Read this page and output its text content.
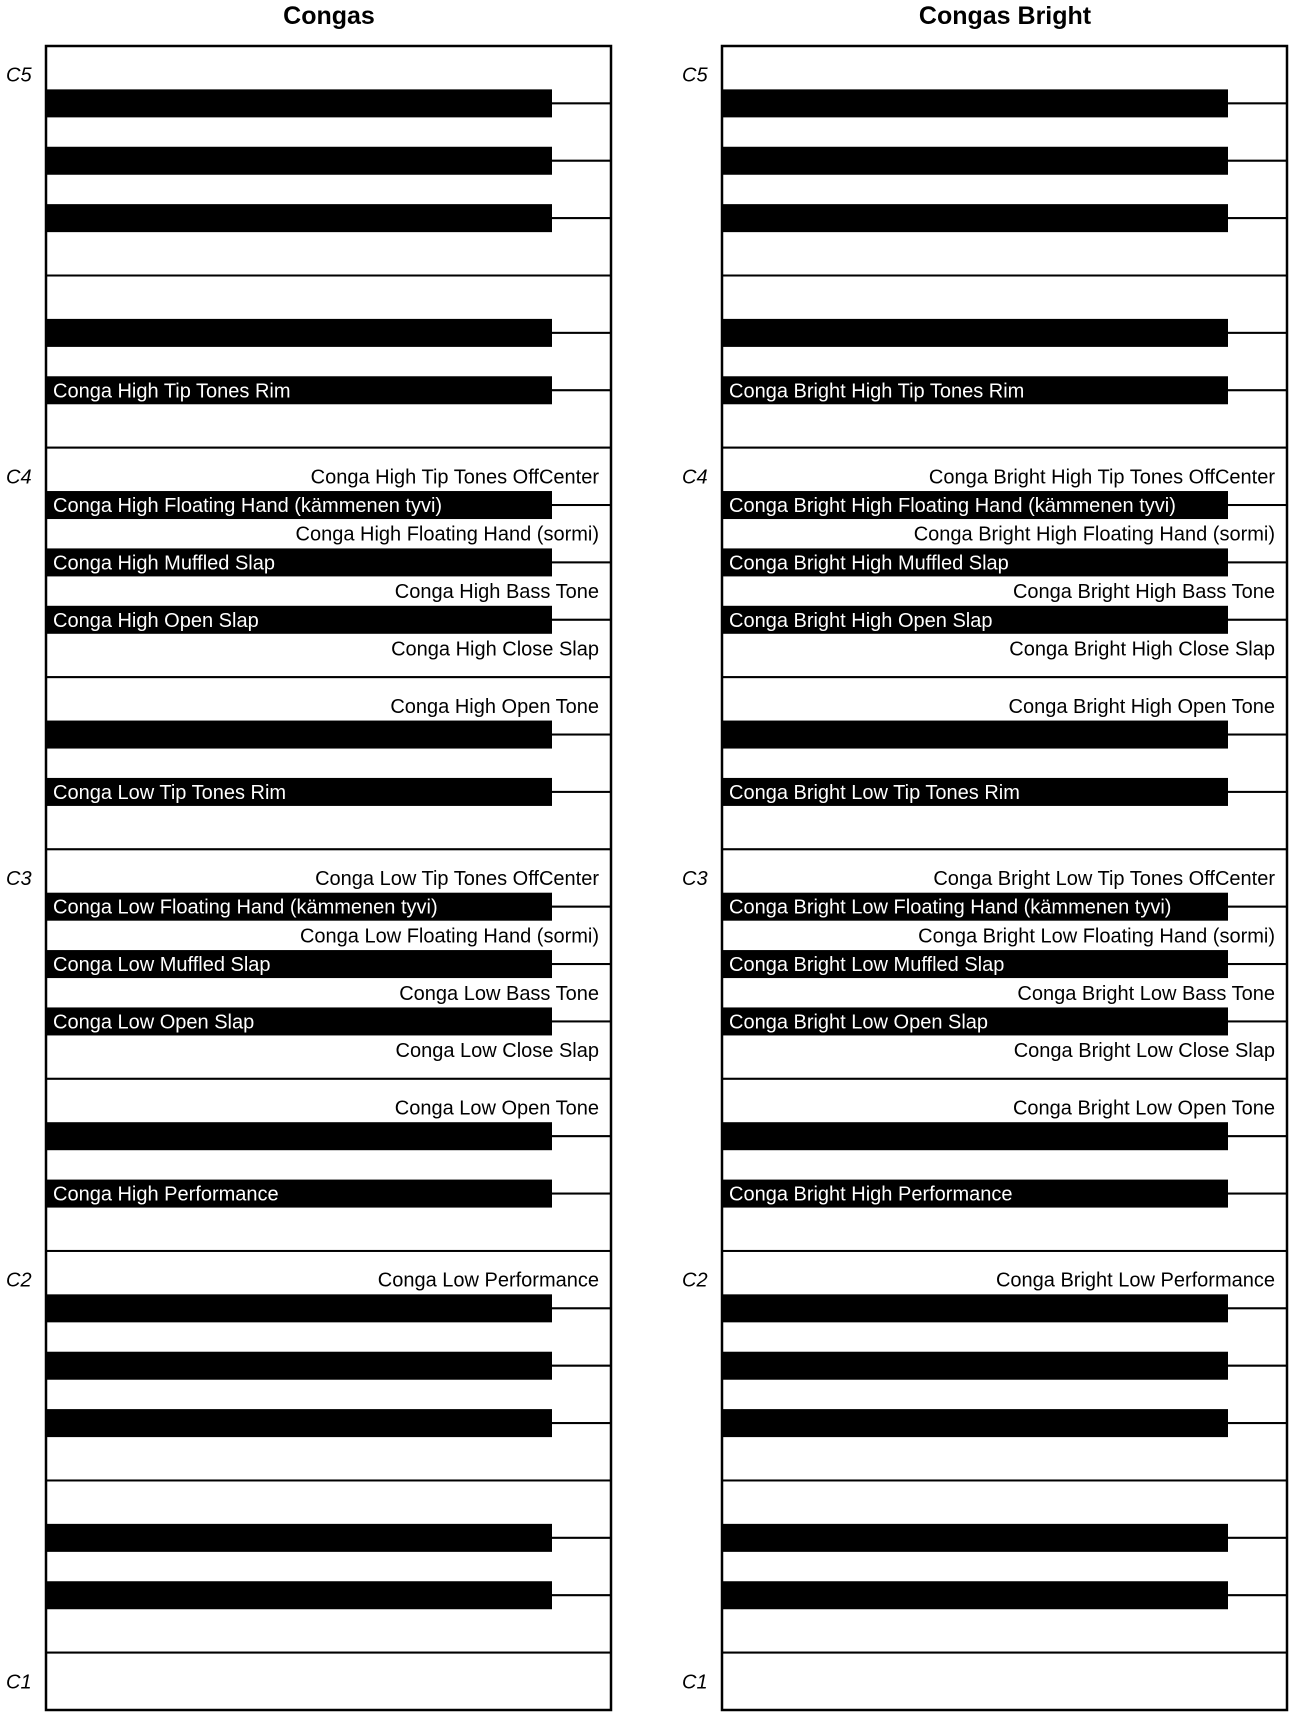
Congas
Conga High Tip Tones OffCenter
Conga High Floating Hand (sormi)
Conga High Bass Tone
Conga High Close Slap
Conga High Open Tone
Conga Low Tip Tones OffCenter
Conga Low Floating Hand (sormi)
Conga Low Bass Tone
Conga Low Close Slap
Conga Low Open Tone
Conga Low Performance
Conga High Tip Tones Rim
Conga High Floating Hand (kämmenen tyvi)
Conga High Muffled Slap
Conga High Open Slap
Conga Low Tip Tones Rim
Conga Low Floating Hand (kämmenen tyvi)
Conga Low Muffled Slap
Conga Low Open Slap
Conga High Performance
C5
C4
C3
C2
C1
Congas Bright
Conga Bright High Tip Tones OffCenter
Conga Bright High Floating Hand (sormi)
Conga Bright High Bass Tone
Conga Bright High Close Slap
Conga Bright High Open Tone
Conga Bright Low Tip Tones OffCenter
Conga Bright Low Floating Hand (sormi)
Conga Bright Low Bass Tone
Conga Bright Low Close Slap
Conga Bright Low Open Tone
Conga Bright Low Performance
Conga Bright High Tip Tones Rim
Conga Bright High Floating Hand (kämmenen tyvi)
Conga Bright High Muffled Slap
Conga Bright High Open Slap
Conga Bright Low Tip Tones Rim
Conga Bright Low Floating Hand (kämmenen tyvi)
Conga Bright Low Muffled Slap
Conga Bright Low Open Slap
Conga Bright High Performance
C5
C4
C3
C2
C1
